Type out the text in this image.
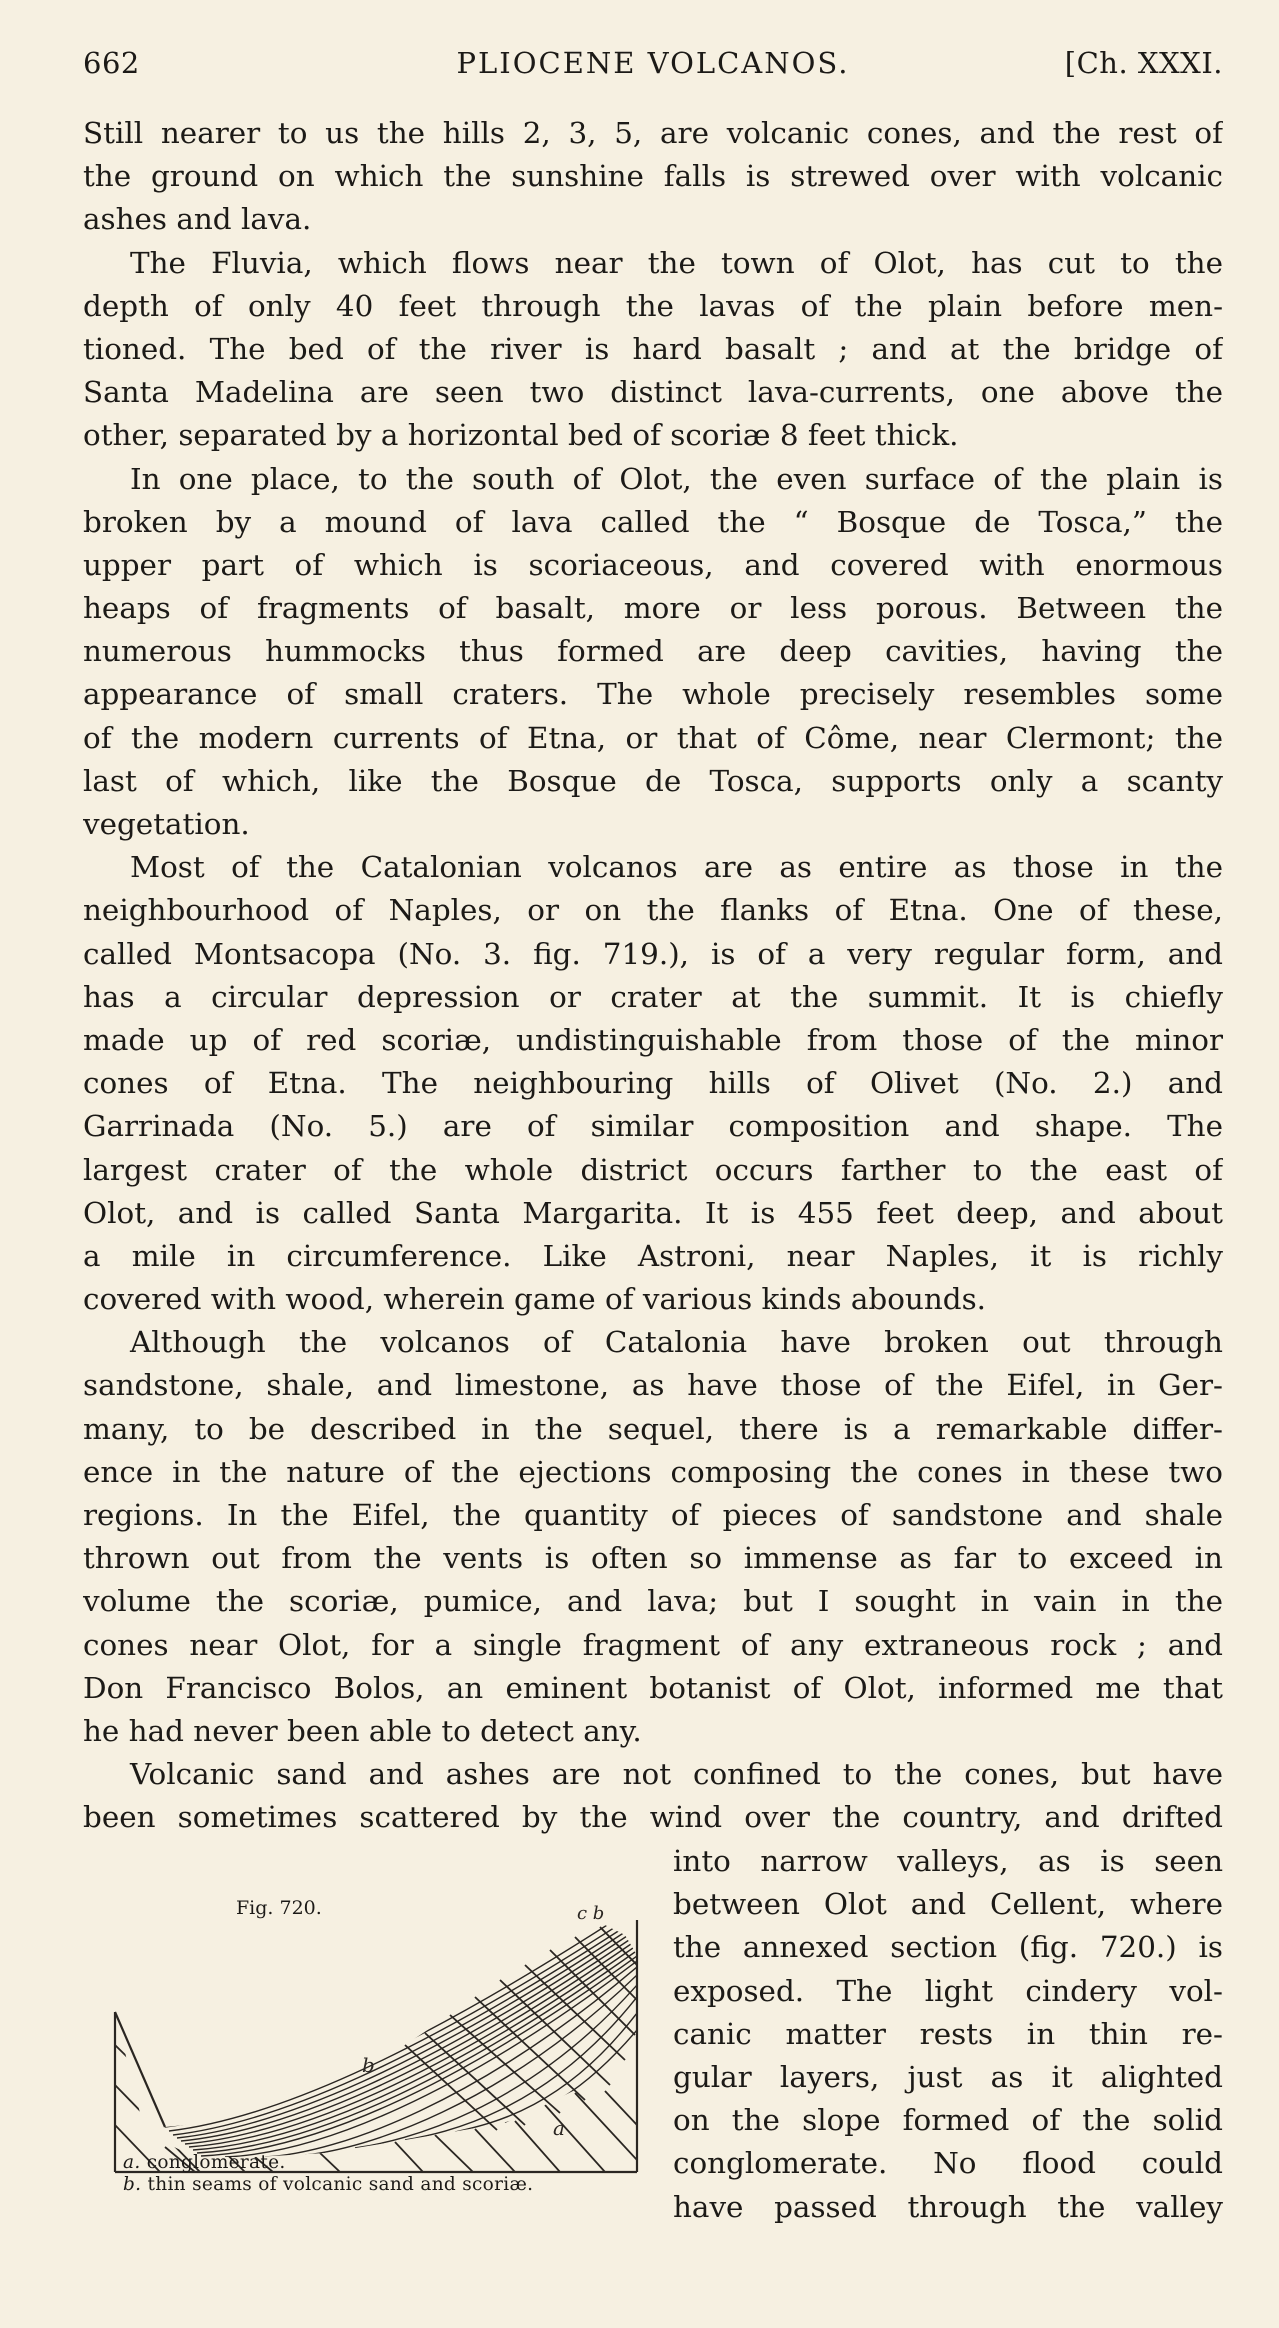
662	PLIOCENE VOLCANOS.	[Ch. XXXI.
Still nearer to us the hills 2, 3, 5, are volcanic cones, and the rest of
the ground on which the sunshine falls is strewed over with volcanic
ashes and lava.
The Fluvia, which flows near the town of Olot, has cut to the
depth of only 40 feet through the lavas of the plain before men-
tioned. The bed of the river is hard basalt ; and at the bridge of
Santa Madelina are seen two distinct lava-currents, one above the
other, separated by a horizontal bed of scoriæ 8 feet thick.
In one place, to the south of Olot, the even surface of the plain is
broken by a mound of lava called the “ Bosque de Tosca,” the
upper part of which is scoriaceous, and covered with enormous
heaps of fragments of basalt, more or less porous. Between the
numerous hummocks thus formed are deep cavities, having the
appearance of small craters. The whole precisely resembles some
of the modern currents of Etna, or that of Côme, near Clermont; the
last of which, like the Bosque de Tosca, supports only a scanty
vegetation.
Most of the Catalonian volcanos are as entire as those in the
neighbourhood of Naples, or on the flanks of Etna. One of these,
called Montsacopa (No. 3. fig. 719.), is of a very regular form, and
has a circular depression or crater at the summit. It is chiefly
made up of red scoriæ, undistinguishable from those of the minor
cones of Etna. The neighbouring hills of Olivet (No. 2.) and
Garrinada (No. 5.) are of similar composition and shape. The
largest crater of the whole district occurs farther to the east of
Olot, and is called Santa Margarita. It is 455 feet deep, and about
a mile in circumference. Like Astroni, near Naples, it is richly
covered with wood, wherein game of various kinds abounds.
Although the volcanos of Catalonia have broken out through
sandstone, shale, and limestone, as have those of the Eifel, in Ger-
many, to be described in the sequel, there is a remarkable differ-
ence in the nature of the ejections composing the cones in these two
regions. In the Eifel, the quantity of pieces of sandstone and shale
thrown out from the vents is often so immense as far to exceed in
volume the scoriæ, pumice, and lava; but I sought in vain in the
cones near Olot, for a single fragment of any extraneous rock ; and
Don Francisco Bolos, an eminent botanist of Olot, informed me that
he had never been able to detect any.
Volcanic sand and ashes are not confined to the cones, but have
been sometimes scattered by the wind over the country, and drifted
into narrow valleys, as is seen
between Olot and Cellent, where
the annexed section (fig. 720.) is
exposed. The light cindery vol-
canic matter rests in thin re-
gular layers, just as it alighted
on the slope formed of the solid
conglomerate. No flood could
have passed through the valley
c b
b
a
Fig. 720.
a. conglomerate.
b. thin seams of volcanic sand and scoriæ.
